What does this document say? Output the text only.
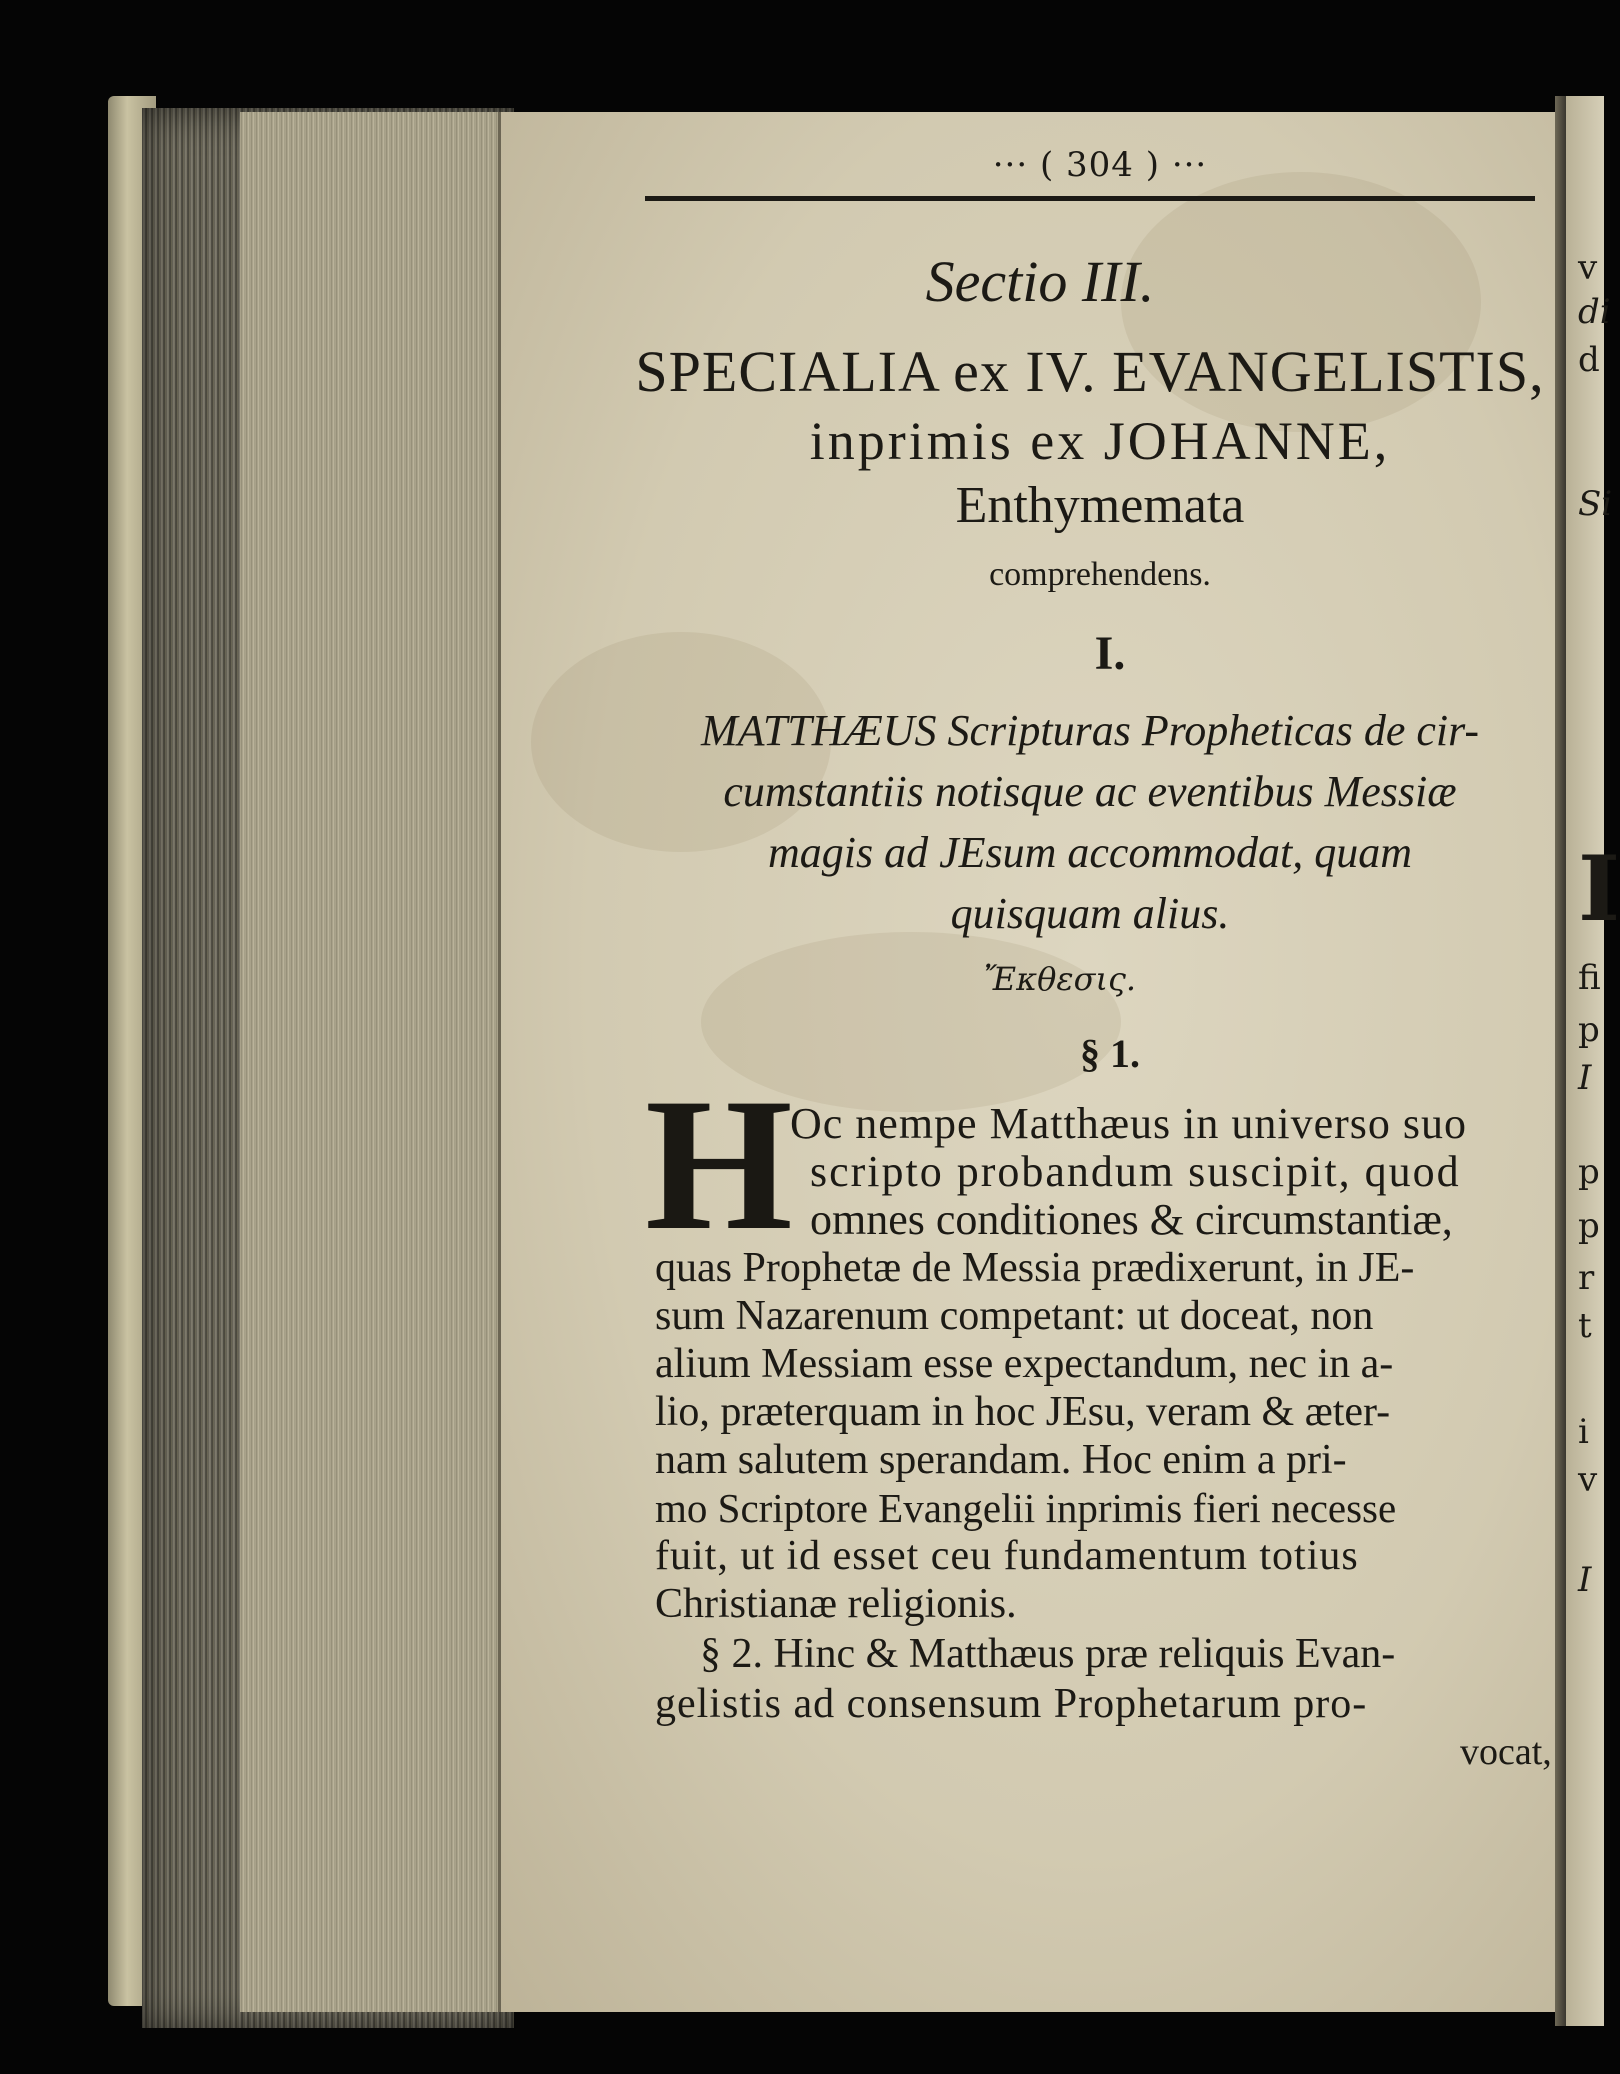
v
di
d
Si
I
fi
p
I
p
p
r
t
i
v
I
··· ( 304 ) ···
Sectio III.
SPECIALIA ex IV. EVANGELISTIS,
inprimis ex JOHANNE,
Enthymemata
comprehendens.
I.
MATTHÆUS Scripturas Propheticas de cir-
cumstantiis notisque ac eventibus Messiæ
magis ad JEsum accommodat, quam
quisquam alius.
Ἔκθεσις.
§ 1.
H
Oc nempe Matthæus in universo suo
scripto probandum suscipit, quod
omnes conditiones & circumstantiæ,
quas Prophetæ de Messia prædixerunt, in JE-
sum Nazarenum competant: ut doceat, non
alium Messiam esse expectandum, nec in a-
lio, præterquam in hoc JEsu, veram & æter-
nam salutem sperandam. Hoc enim a pri-
mo Scriptore Evangelii inprimis fieri necesse
fuit, ut id esset ceu fundamentum totius
Christianæ religionis.
§ 2. Hinc & Matthæus præ reliquis Evan-
gelistis ad consensum Prophetarum pro-
vocat,
